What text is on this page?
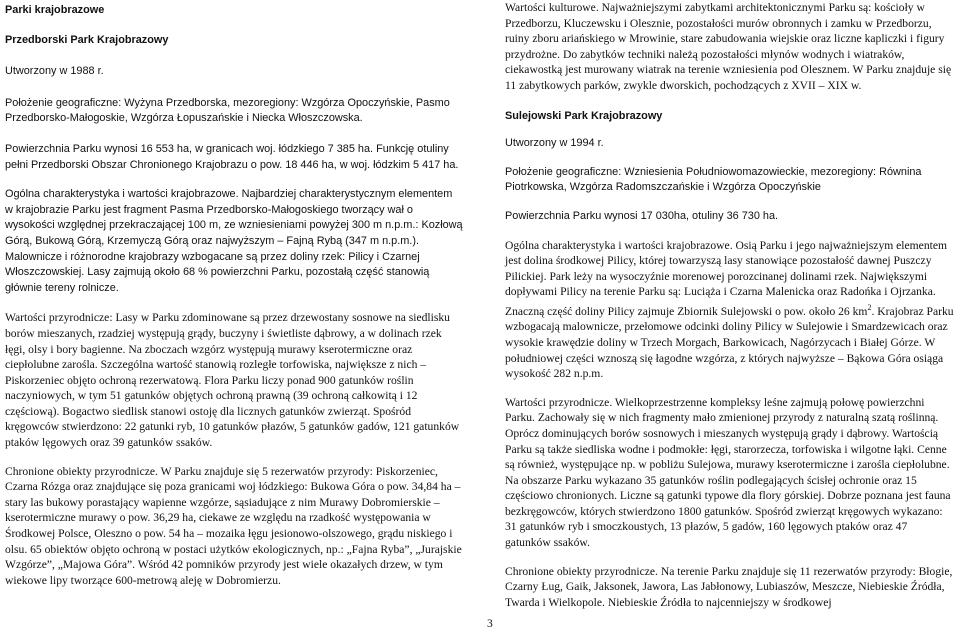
Parki krajobrazowe

Przedborski Park Krajobrazowy

Utworzony w 1988 r.

Położenie geograficzne: Wyżyna Przedborska, mezoregiony: Wzgórza Opoczyńskie, Pasmo Przedborsko-Małogoskie, Wzgórza Łopuszańskie i Niecka Włoszczowska.

Powierzchnia Parku wynosi 16 553 ha, w granicach woj. łódzkiego 7 385 ha. Funkcję otuliny pełni Przedborski Obszar Chronionego Krajobrazu o pow. 18 446 ha, w woj. łódzkim 5 417 ha.

Ogólna charakterystyka i wartości krajobrazowe. Najbardziej charakterystycznym elementem w krajobrazie Parku jest fragment Pasma Przedborsko-Małogoskiego tworzący wał o wysokości względnej przekraczającej 100 m, ze wzniesieniami powyżej 300 m n.p.m.: Kozłową Górą, Bukową Górą, Krzemyczą Górą oraz najwyższym – Fajną Rybą (347 m n.p.m.). Malownicze i różnorodne krajobrazy wzbogacane są przez doliny rzek: Pilicy i Czarnej Włoszczowskiej. Lasy zajmują około 68 % powierzchni Parku, pozostałą część stanowią głównie tereny rolnicze.

Wartości przyrodnicze: Lasy w Parku zdominowane są przez drzewostany sosnowe na siedlisku borów mieszanych, rzadziej występują grądy, buczyny i świetliste dąbrowy, a w dolinach rzek łęgi, olsy i bory bagienne. Na zboczach wzgórz występują murawy kserotermiczne oraz ciepłolubne zarośla. Szczególna wartość stanowią rozległe torfowiska, największe z nich – Piskorzeniec objęto ochroną rezerwatową. Flora Parku liczy ponad 900 gatunków roślin naczyniowych, w tym 51 gatunków objętych ochroną prawną (39 ochroną całkowitą i 12 częściową). Bogactwo siedlisk stanowi ostoję dla licznych gatunków zwierząt. Spośród kręgowców stwierdzono: 22 gatunki ryb, 10 gatunków płazów, 5 gatunków gadów, 121 gatunków ptaków lęgowych oraz 39 gatunków ssaków.

Chronione obiekty przyrodnicze. W Parku znajduje się 5 rezerwatów przyrody: Piskorzeniec, Czarna Rózga oraz znajdujące się poza granicami woj łódzkiego: Bukowa Góra o pow. 34,84 ha – stary las bukowy porastający wapienne wzgórze, sąsiadujące z nim Murawy Dobromierskie – kserotermiczne murawy o pow. 36,29 ha, ciekawe ze względu na rzadkość występowania w Środkowej Polsce, Oleszno o pow. 54 ha – mozaika łęgu jesionowo-olszowego, grądu niskiego i olsu. 65 obiektów objęto ochroną w postaci użytków ekologicznych, np.: „Fajna Ryba”, „Jurajskie Wzgórze”, „Majowa Góra”. Wśród 42 pomników przyrody jest wiele okazałych drzew, w tym wiekowe lipy tworzące 600-metrową aleję w Dobromierzu.

Wartości kulturowe. Najważniejszymi zabytkami architektonicznymi Parku są: kościoły w Przedborzu, Kluczewsku i Olesznie, pozostałości murów obronnych i zamku w Przedborzu, ruiny zboru ariańskiego w Mrowinie, stare zabudowania wiejskie oraz liczne kapliczki i figury przydrożne. Do zabytków techniki należą pozostałości młynów wodnych i wiatraków, ciekawostką jest murowany wiatrak na terenie wzniesienia pod Olesznem. W Parku znajduje się 11 zabytkowych parków, zwykle dworskich, pochodzących z XVII – XIX w.

Sulejowski Park Krajobrazowy

Utworzony w 1994 r.

Położenie geograficzne: Wzniesienia Południowomazowieckie, mezoregiony: Równina Piotrkowska, Wzgórza Radomszczańskie i Wzgórza Opoczyńskie

Powierzchnia Parku wynosi 17 030ha, otuliny 36 730 ha.

Ogólna charakterystyka i wartości krajobrazowe. Osią Parku i jego najważniejszym elementem jest dolina środkowej Pilicy, której towarzyszą lasy stanowiące pozostałość dawnej Puszczy Pilickiej. Park leży na wysoczyźnie morenowej porozcinanej dolinami rzek. Największymi dopływami Pilicy na terenie Parku są: Luciąża i Czarna Malenicka oraz Radońka i Ojrzanka. Znaczną część doliny Pilicy zajmuje Zbiornik Sulejowski o pow. około 26 $km^2$. Krajobraz Parku wzbogacają malownicze, przełomowe odcinki doliny Pilicy w Sulejowie i Smardzewicach oraz wysokie krawędzie doliny w Trzech Morgach, Barkowicach, Nagórzycach i Białej Górze. W południowej części wznoszą się łagodne wzgórza, z których najwyższe – Bąkowa Góra osiąga wysokość 282 n.p.m.

Wartości przyrodnicze. Wielkoprzestrzenne kompleksy leśne zajmują połowę powierzchni Parku. Zachowały się w nich fragmenty mało zmienionej przyrody z naturalną szatą roślinną. Oprócz dominujących borów sosnowych i mieszanych występują grądy i dąbrowy. Wartością Parku są także siedliska wodne i podmokłe: łęgi, starorzecza, torfowiska i wilgotne łąki. Cenne są również, występujące np. w pobliżu Sulejowa, murawy kserotermiczne i zarośla ciepłolubne. Na obszarze Parku wykazano 35 gatunków roślin podlegających ścisłej ochronie oraz 15 częściowo chronionych. Liczne są gatunki typowe dla flory górskiej. Dobrze poznana jest fauna bezkręgowców, których stwierdzono 1800 gatunków. Spośród zwierząt kręgowych wykazano: 31 gatunków ryb i smoczkoustych, 13 płazów, 5 gadów, 160 lęgowych ptaków oraz 47 gatunków ssaków.

Chronione obiekty przyrodnicze. Na terenie Parku znajduje się 11 rezerwatów przyrody: Błogie, Czarny Ług, Gaik, Jaksonek, Jawora, Las Jabłonowy, Lubiaszów, Meszcze, Niebieskie Źródła, Twarda i Wielkopole. Niebieskie Źródła to najcenniejszy w środkowej

3
